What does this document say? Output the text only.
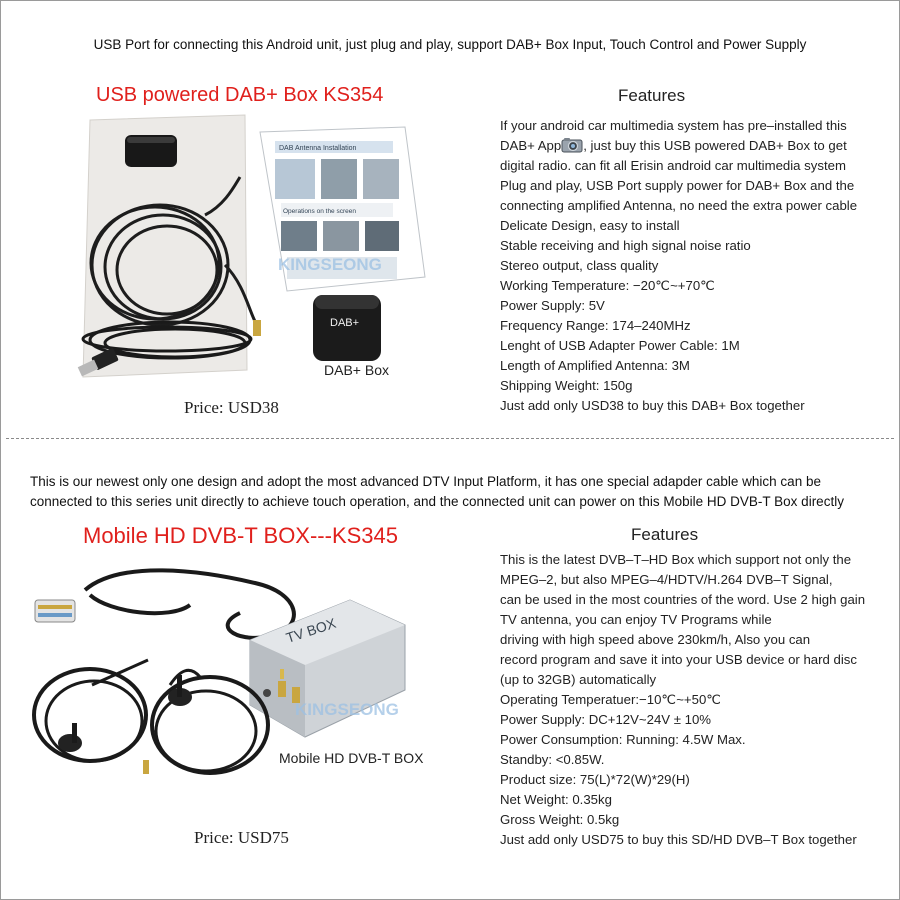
USB Port for connecting this Android unit, just plug and play, support DAB+ Box Input, Touch Control and Power Supply
USB powered DAB+ Box KS354	Features
If your android car multimedia system has pre–installed this
DAB+ App , just buy this USB powered DAB+ Box to get
digital radio. can fit all Erisin android car multimedia system
Plug and play, USB Port supply power for DAB+ Box and the
connecting amplified Antenna, no need the extra power cable
Delicate Design, easy to install
Stable receiving and high signal noise ratio
Stereo output, class quality
Working Temperature: −20℃~+70℃
Power Supply: 5V
Frequency Range: 174–240MHz
Lenght of USB Adapter Power Cable: 1M
Length of Amplified Antenna: 3M
Shipping Weight: 150g
Just add only USD38 to buy this DAB+ Box together
DAB Antenna Installation
Operations on the screen
KINGSEONG
DAB+
DAB+ Box
Price: USD38
This is our newest only one design and adopt the most advanced DTV Input Platform, it has one special adapder cable which can be
connected to this series unit directly to achieve touch operation, and the connected unit can power on this Mobile HD DVB-T Box directly
Mobile HD DVB-T BOX---KS345	Features
This is the latest DVB–T–HD Box which support not only the
MPEG–2, but also MPEG–4/HDTV/H.264 DVB–T Signal,
can be used in the most countries of the word. Use 2 high gain
TV antenna, you can enjoy TV Programs while
driving with high speed above 230km/h, Also you can
record program and save it into your USB device or hard disc
(up to 32GB) automatically
Operating Temperatuer:−10℃~+50℃
Power Supply: DC+12V~24V ± 10%
Power Consumption: Running: 4.5W Max.
Standby: <0.85W.
Product size: 75(L)*72(W)*29(H)
Net Weight: 0.35kg
Gross Weight: 0.5kg
Just add only USD75 to buy this SD/HD DVB–T Box together
TV BOX
KINGSEONG
Mobile HD DVB-T BOX
Price: USD75
